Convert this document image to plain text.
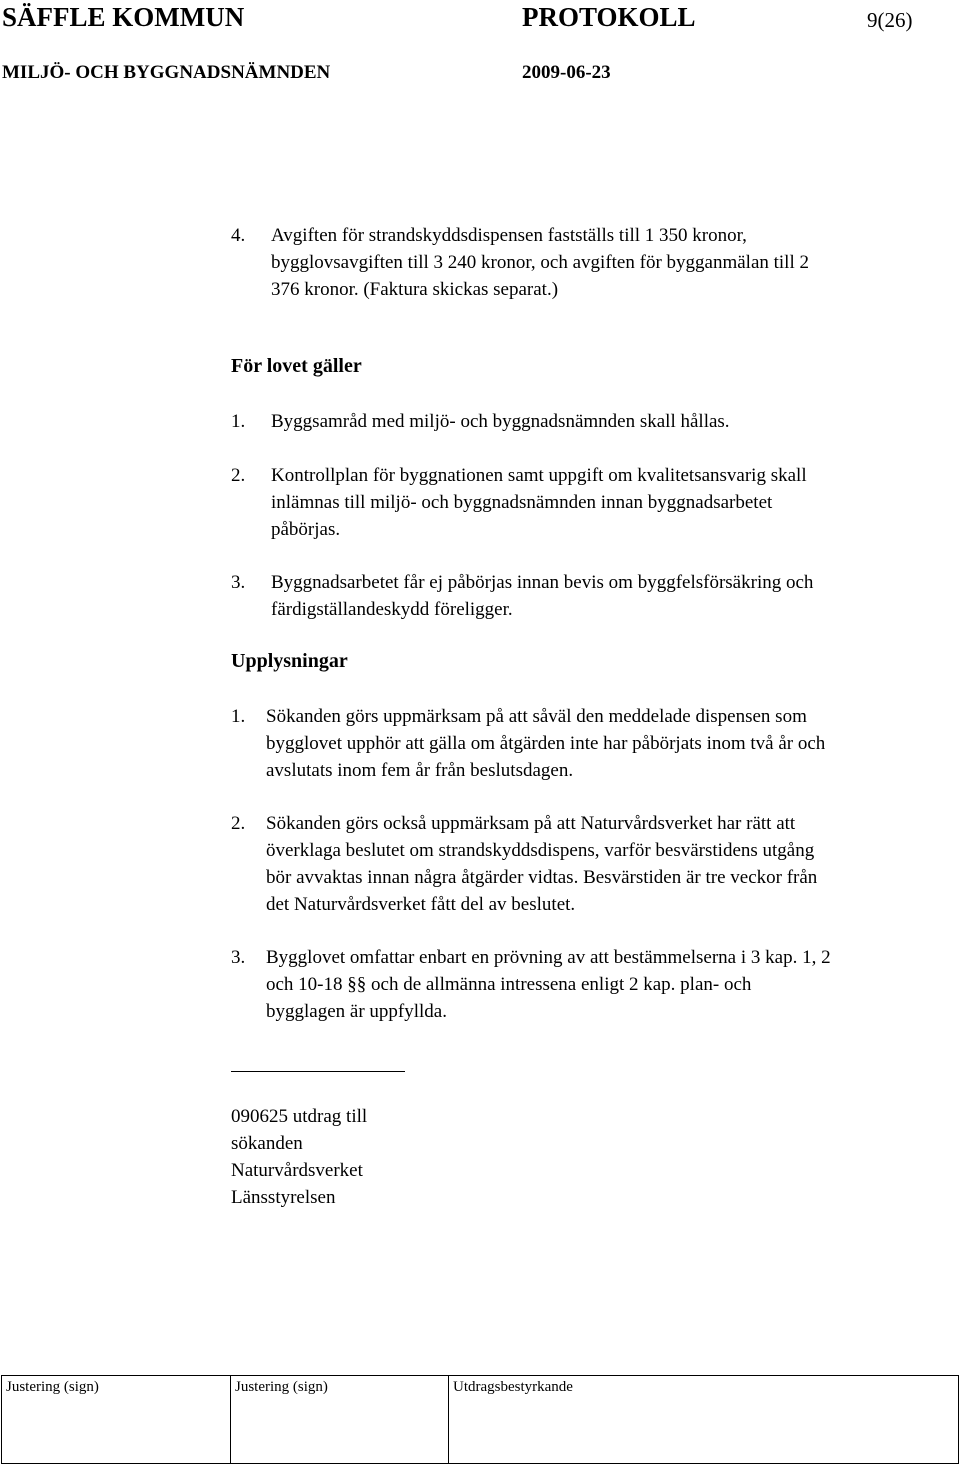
SÄFFLE KOMMUN	PROTOKOLL	9(26)
MILJÖ- OCH BYGGNADSNÄMNDEN	2009-06-23
4. Avgiften för strandskyddsdispensen fastställs till 1 350 kronor,
bygglovsavgiften till 3 240 kronor, och avgiften för bygganmälan till 2
376 kronor. (Faktura skickas separat.)
För lovet gäller
1. Byggsamråd med miljö- och byggnadsnämnden skall hållas.
2. Kontrollplan för byggnationen samt uppgift om kvalitetsansvarig skall
inlämnas till miljö- och byggnadsnämnden innan byggnadsarbetet
påbörjas.
3. Byggnadsarbetet får ej påbörjas innan bevis om byggfelsförsäkring och
färdigställandeskydd föreligger.
Upplysningar
1. Sökanden görs uppmärksam på att såväl den meddelade dispensen som
bygglovet upphör att gälla om åtgärden inte har påbörjats inom två år och
avslutats inom fem år från beslutsdagen.
2. Sökanden görs också uppmärksam på att Naturvårdsverket har rätt att
överklaga beslutet om strandskyddsdispens, varför besvärstidens utgång
bör avvaktas innan några åtgärder vidtas. Besvärstiden är tre veckor från
det Naturvårdsverket fått del av beslutet.
3. Bygglovet omfattar enbart en prövning av att bestämmelserna i 3 kap. 1, 2
och 10-18 §§ och de allmänna intressena enligt 2 kap. plan- och
bygglagen är uppfyllda.
090625 utdrag till
sökanden
Naturvårdsverket
Länsstyrelsen
Justering (sign)	Justering (sign)	Utdragsbestyrkande
